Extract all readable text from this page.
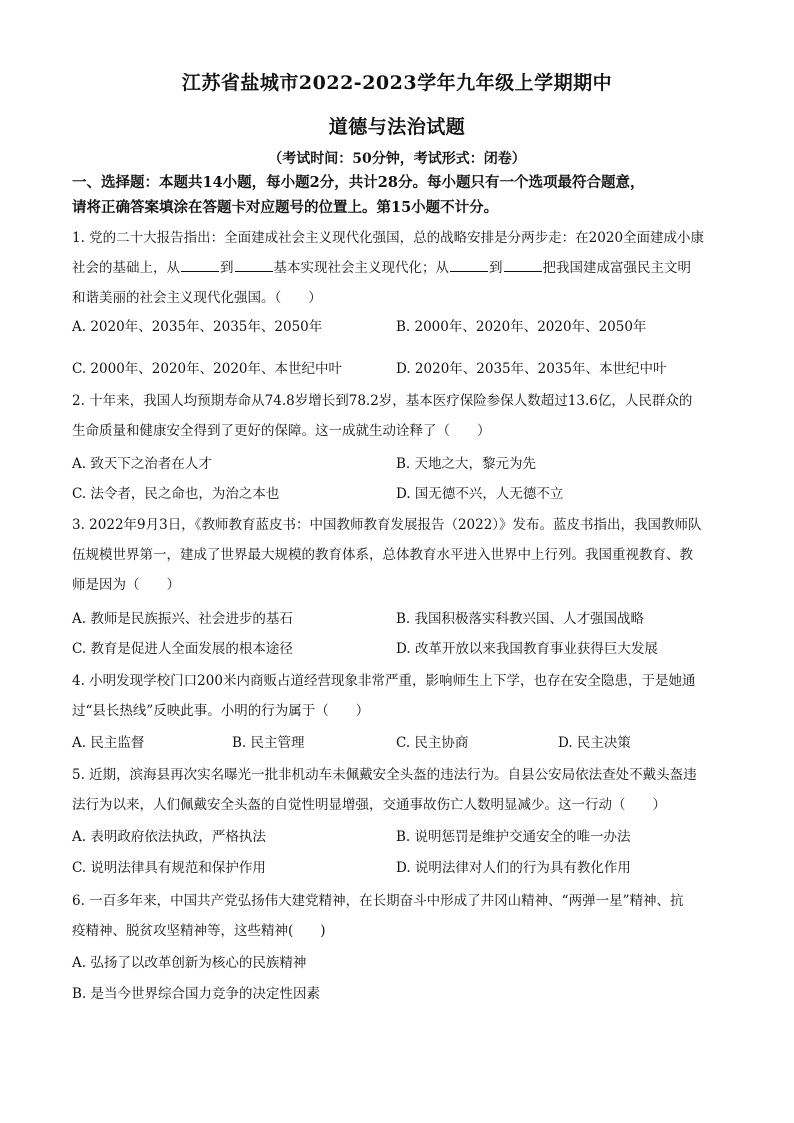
江苏省盐城市2022-2023学年九年级上学期期中
道德与法治试题
（考试时间：50分钟，考试形式：闭卷）
一、选择题：本题共14小题，每小题2分，共计28分。每小题只有一个选项最符合题意，
请将正确答案填涂在答题卡对应题号的位置上。第15小题不计分。
1. 党的二十大报告指出：全面建成社会主义现代化强国，总的战略安排是分两步走：在2020全面建成小康
社会的基础上，从	到	基本实现社会主义现代化；从	到	把我国建成富强民主文明
和谐美丽的社会主义现代化强国。（　　）
A. 2020年、2035年、2035年、2050年	B. 2000年、2020年、2020年、2050年
C. 2000年、2020年、2020年、本世纪中叶	D. 2020年、2035年、2035年、本世纪中叶
2. 十年来，我国人均预期寿命从74.8岁增长到78.2岁，基本医疗保险参保人数超过13.6亿，人民群众的
生命质量和健康安全得到了更好的保障。这一成就生动诠释了（　　）
A. 致天下之治者在人才	B. 天地之大，黎元为先
C. 法令者，民之命也，为治之本也	D. 国无德不兴，人无德不立
3. 2022年9月3日，《教师教育蓝皮书：中国教师教育发展报告（2022）》发布。蓝皮书指出，我国教师队
伍规模世界第一，建成了世界最大规模的教育体系，总体教育水平进入世界中上行列。我国重视教育、教
师是因为（　　）
A. 教师是民族振兴、社会进步的基石	B. 我国积极落实科教兴国、人才强国战略
C. 教育是促进人全面发展的根本途径	D. 改革开放以来我国教育事业获得巨大发展
4. 小明发现学校门口200米内商贩占道经营现象非常严重，影响师生上下学，也存在安全隐患，于是她通
过“县长热线”反映此事。小明的行为属于（　　）
A. 民主监督	B. 民主管理	C. 民主协商	D. 民主决策
5. 近期，滨海县再次实名曝光一批非机动车未佩戴安全头盔的违法行为。自县公安局依法查处不戴头盔违
法行为以来，人们佩戴安全头盔的自觉性明显增强，交通事故伤亡人数明显减少。这一行动（　　）
A. 表明政府依法执政，严格执法	B. 说明惩罚是维护交通安全的唯一办法
C. 说明法律具有规范和保护作用	D. 说明法律对人们的行为具有教化作用
6. 一百多年来，中国共产党弘扬伟大建党精神，在长期奋斗中形成了井冈山精神、“两弹一星”精神、抗
疫精神、脱贫攻坚精神等，这些精神(　　)
A. 弘扬了以改革创新为核心的民族精神
B. 是当今世界综合国力竞争的决定性因素
